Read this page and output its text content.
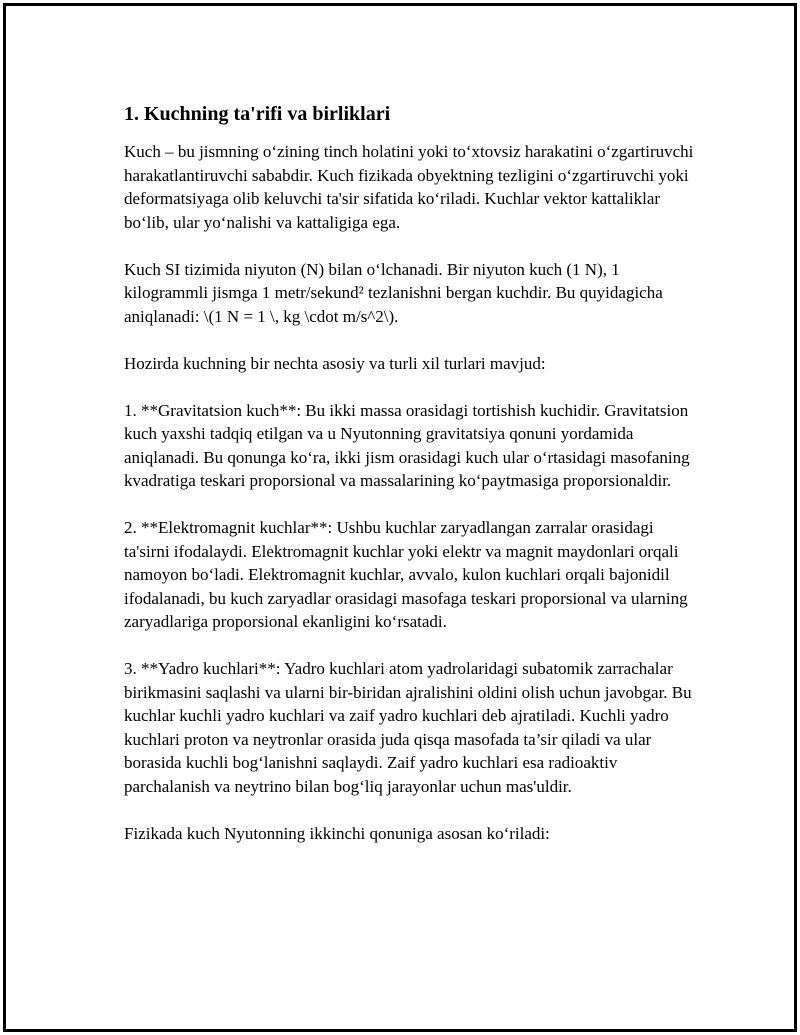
1. Kuchning ta'rifi va birliklari

Kuch – bu jismning o‘zining tinch holatini yoki to‘xtovsiz harakatini o‘zgartiruvchi harakatlantiruvchi sababdir. Kuch fizikada obyektning tezligini o‘zgartiruvchi yoki deformatsiyaga olib keluvchi ta'sir sifatida ko‘riladi. Kuchlar vektor kattaliklar bo‘lib, ular yo‘nalishi va kattaligiga ega.

Kuch SI tizimida niyuton (N) bilan o‘lchanadi. Bir niyuton kuch (1 N), 1 kilogrammli jismga 1 metr/sekund² tezlanishni bergan kuchdir. Bu quyidagicha aniqlanadi: \(1 N = 1 \, kg \cdot m/s^2\).

Hozirda kuchning bir nechta asosiy va turli xil turlari mavjud:

1. **Gravitatsion kuch**: Bu ikki massa orasidagi tortishish kuchidir. Gravitatsion kuch yaxshi tadqiq etilgan va u Nyutonning gravitatsiya qonuni yordamida aniqlanadi. Bu qonunga ko‘ra, ikki jism orasidagi kuch ular o‘rtasidagi masofaning kvadratiga teskari proporsional va massalarining ko‘paytmasiga proporsionaldir.

2. **Elektromagnit kuchlar**: Ushbu kuchlar zaryadlangan zarralar orasidagi ta'sirni ifodalaydi. Elektromagnit kuchlar yoki elektr va magnit maydonlari orqali namoyon bo‘ladi. Elektromagnit kuchlar, avvalo, kulon kuchlari orqali bajonidil ifodalanadi, bu kuch zaryadlar orasidagi masofaga teskari proporsional va ularning zaryadlariga proporsional ekanligini ko‘rsatadi.

3. **Yadro kuchlari**: Yadro kuchlari atom yadrolaridagi subatomik zarrachalar birikmasini saqlashi va ularni bir-biridan ajralishini oldini olish uchun javobgar. Bu kuchlar kuchli yadro kuchlari va zaif yadro kuchlari deb ajratiladi. Kuchli yadro kuchlari proton va neytronlar orasida juda qisqa masofada ta’sir qiladi va ular borasida kuchli bog‘lanishni saqlaydi. Zaif yadro kuchlari esa radioaktiv parchalanish va neytrino bilan bog‘liq jarayonlar uchun mas'uldir.

Fizikada kuch Nyutonning ikkinchi qonuniga asosan ko‘riladi:
